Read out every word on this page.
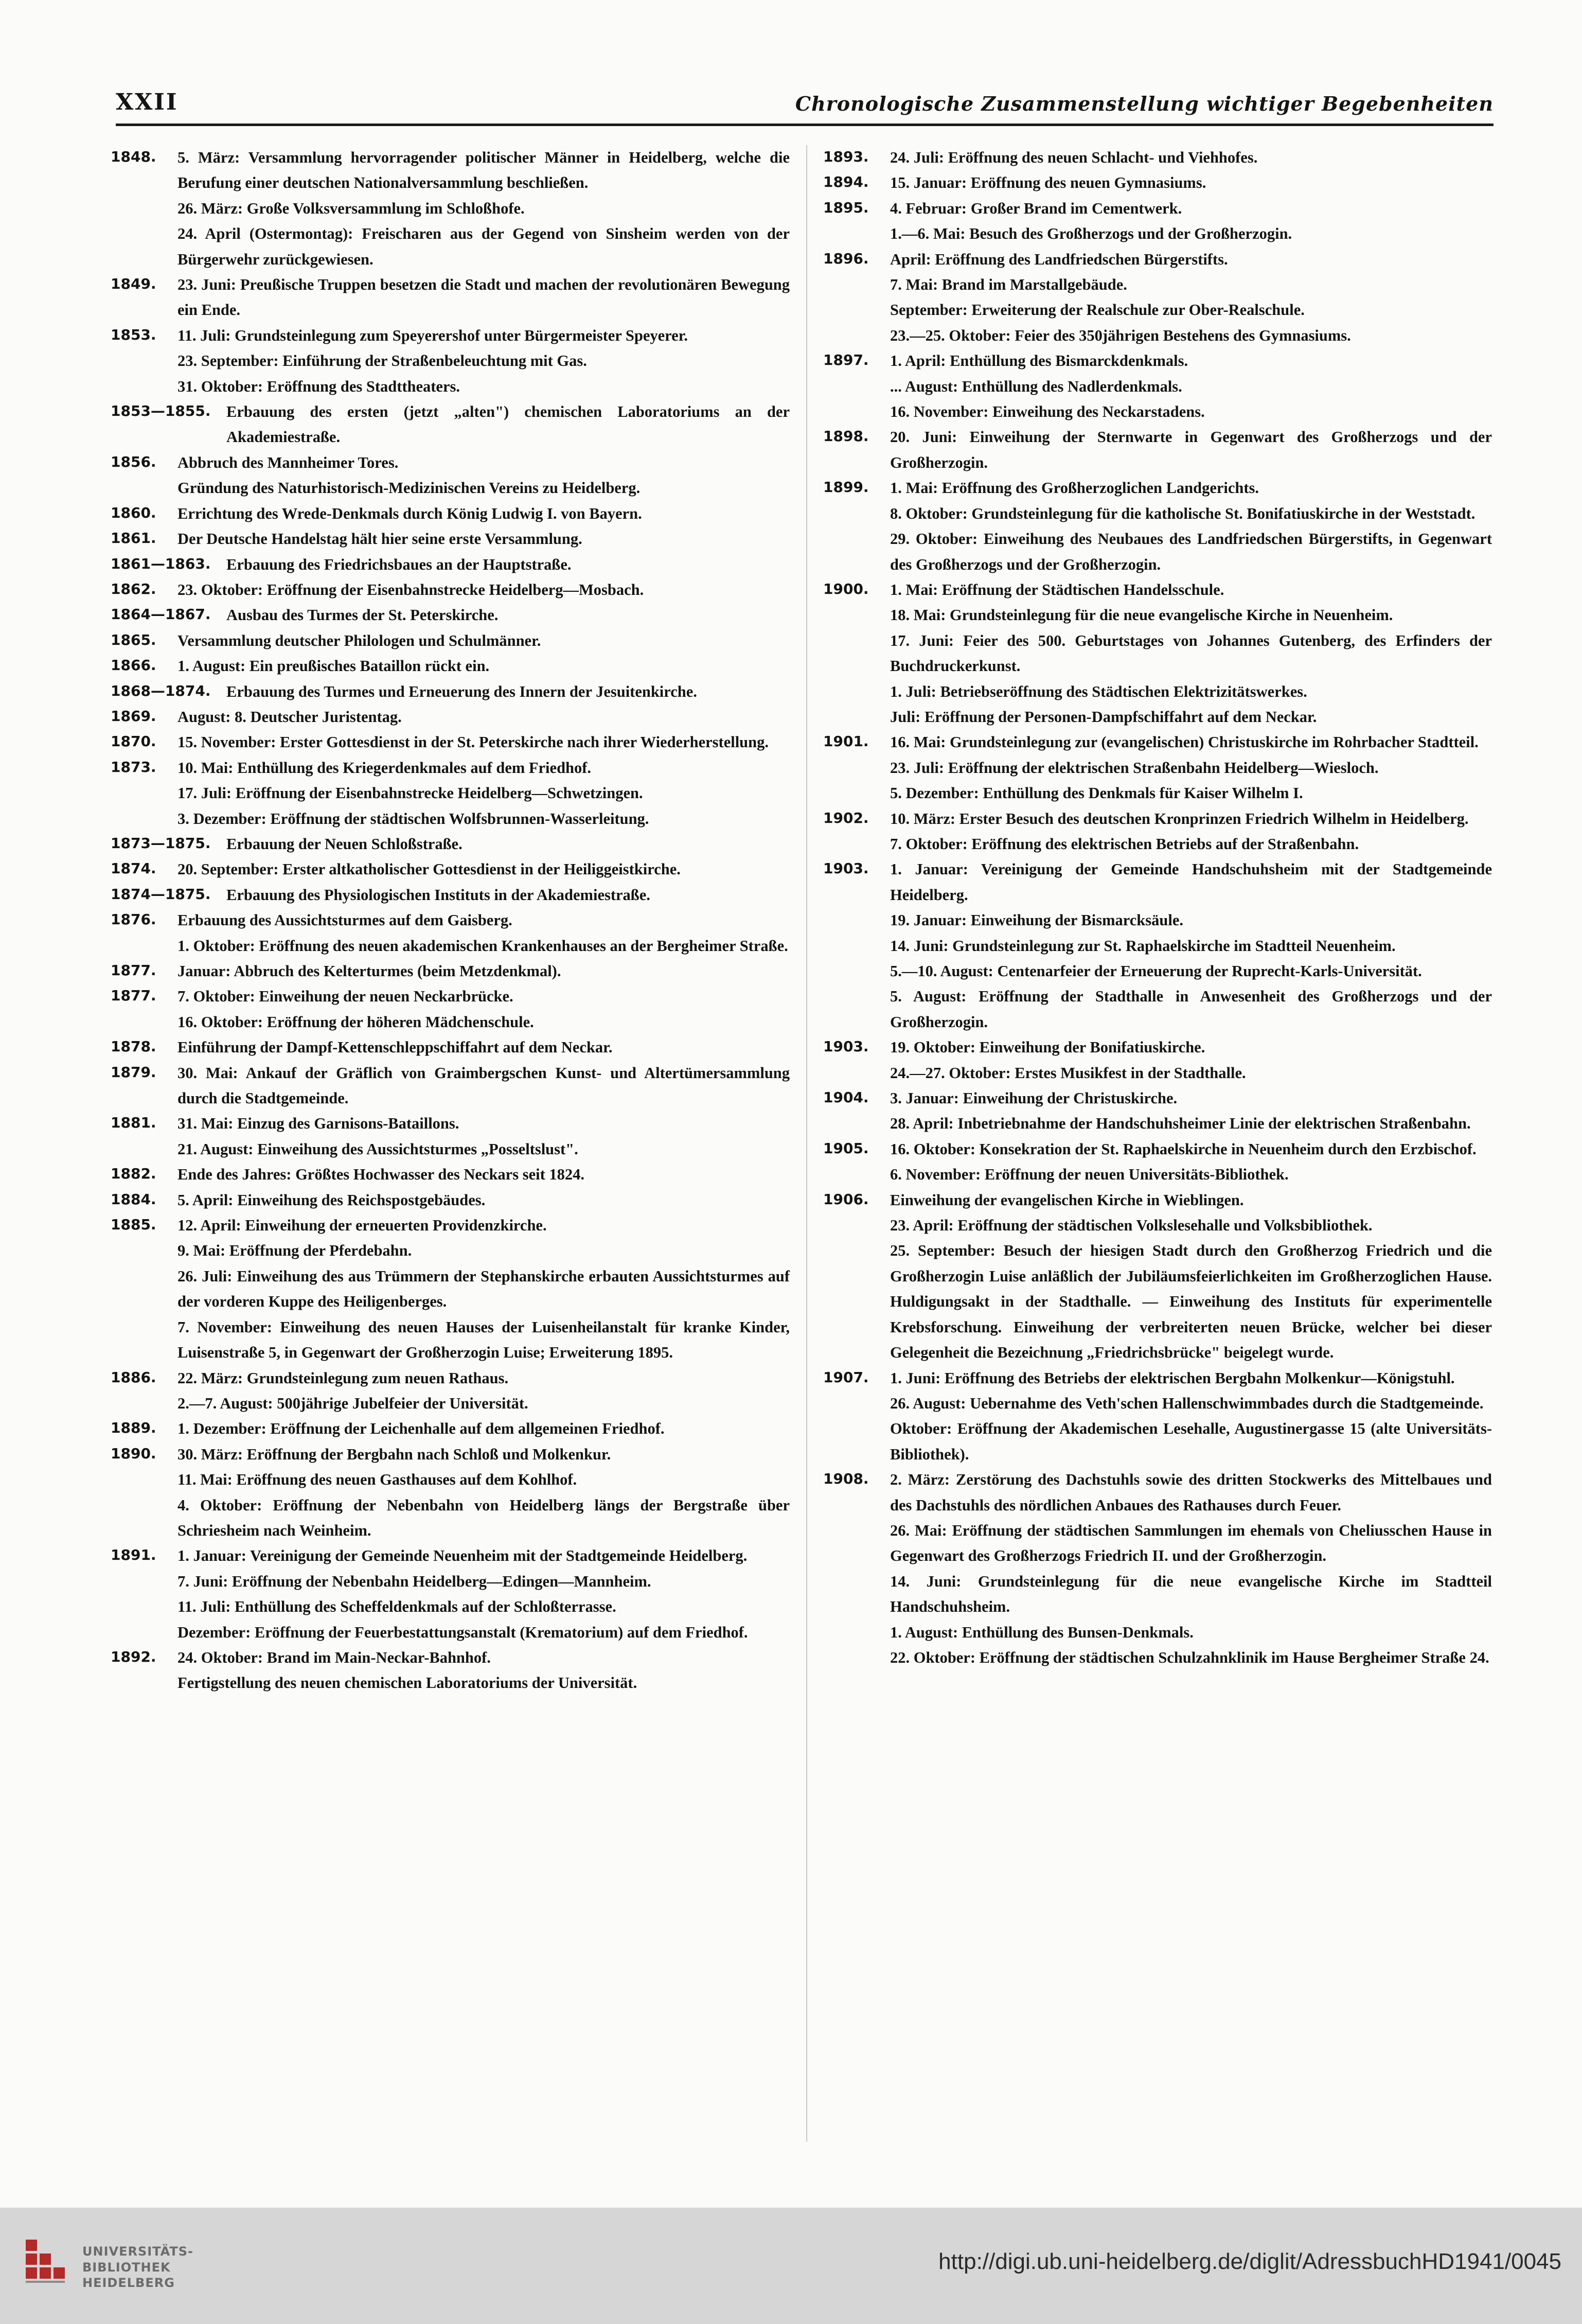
XXII	Chronologische Zusammenstellung wichtiger Begebenheiten

1848. 5. März: Versammlung hervorragender politischer Männer in Heidelberg, welche die Berufung einer deutschen Nationalversammlung beschließen.

26. März: Große Volksversammlung im Schloßhofe.

24. April (Ostermontag): Freischaren aus der Gegend von Sinsheim werden von der Bürgerwehr zurückgewiesen.

1849. 23. Juni: Preußische Truppen besetzen die Stadt und machen der revolutionären Bewegung ein Ende.

1853. 11. Juli: Grundsteinlegung zum Speyerershof unter Bürgermeister Speyerer.

23. September: Einführung der Straßenbeleuchtung mit Gas.

31. Oktober: Eröffnung des Stadttheaters.

1853—1855.	Erbauung des ersten (jetzt „alten") chemischen Laboratoriums an der Akademiestraße.

1856. Abbruch des Mannheimer Tores.

Gründung des Naturhistorisch-Medizinischen Vereins zu Heidelberg.

1860. Errichtung des Wrede-Denkmals durch König Ludwig I. von Bayern.

1861. Der Deutsche Handelstag hält hier seine erste Versammlung.

1861—1863.	Erbauung des Friedrichsbaues an der Hauptstraße.

1862. 23. Oktober: Eröffnung der Eisenbahnstrecke Heidelberg—Mosbach.

1864—1867.	Ausbau des Turmes der St. Peterskirche.

1865. Versammlung deutscher Philologen und Schulmänner.

1866. 1. August: Ein preußisches Bataillon rückt ein.

1868—1874.	Erbauung des Turmes und Erneuerung des Innern der Jesuitenkirche.

1869. August: 8. Deutscher Juristentag.

1870. 15. November: Erster Gottesdienst in der St. Peterskirche nach ihrer Wiederherstellung.

1873. 10. Mai: Enthüllung des Kriegerdenkmales auf dem Friedhof.

17. Juli: Eröffnung der Eisenbahnstrecke Heidelberg—Schwetzingen.

3. Dezember: Eröffnung der städtischen Wolfsbrunnen-Wasserleitung.

1873—1875.	Erbauung der Neuen Schloßstraße.

1874. 20. September: Erster altkatholischer Gottesdienst in der Heiliggeistkirche.

1874—1875.	Erbauung des Physiologischen Instituts in der Akademiestraße.

1876. Erbauung des Aussichtsturmes auf dem Gaisberg.

1. Oktober: Eröffnung des neuen akademischen Krankenhauses an der Bergheimer Straße.

1877. Januar: Abbruch des Kelterturmes (beim Metzdenkmal).

1877. 7. Oktober: Einweihung der neuen Neckarbrücke.

16. Oktober: Eröffnung der höheren Mädchenschule.

1878. Einführung der Dampf-Kettenschleppschiffahrt auf dem Neckar.

1879. 30. Mai: Ankauf der Gräflich von Graimbergschen Kunst- und Altertümersammlung durch die Stadtgemeinde.

1881. 31. Mai: Einzug des Garnisons-Bataillons.

21. August: Einweihung des Aussichtsturmes „Posseltslust".

1882. Ende des Jahres: Größtes Hochwasser des Neckars seit 1824.

1884. 5. April: Einweihung des Reichspostgebäudes.

1885. 12. April: Einweihung der erneuerten Providenzkirche.

9. Mai: Eröffnung der Pferdebahn.

26. Juli: Einweihung des aus Trümmern der Stephanskirche erbauten Aussichtsturmes auf der vorderen Kuppe des Heiligenberges.

7. November: Einweihung des neuen Hauses der Luisenheilanstalt für kranke Kinder, Luisenstraße 5, in Gegenwart der Großherzogin Luise; Erweiterung 1895.

1886. 22. März: Grundsteinlegung zum neuen Rathaus.

2.—7. August: 500jährige Jubelfeier der Universität.

1889. 1. Dezember: Eröffnung der Leichenhalle auf dem allgemeinen Friedhof.

1890. 30. März: Eröffnung der Bergbahn nach Schloß und Molkenkur.

11. Mai: Eröffnung des neuen Gasthauses auf dem Kohlhof.

4. Oktober: Eröffnung der Nebenbahn von Heidelberg längs der Bergstraße über Schriesheim nach Weinheim.

1891. 1. Januar: Vereinigung der Gemeinde Neuenheim mit der Stadtgemeinde Heidelberg.

7. Juni: Eröffnung der Nebenbahn Heidelberg—Edingen—Mannheim.

11. Juli: Enthüllung des Scheffeldenkmals auf der Schloßterrasse.

Dezember: Eröffnung der Feuerbestattungsanstalt (Krematorium) auf dem Friedhof.

1892. 24. Oktober: Brand im Main-Neckar-Bahnhof.

Fertigstellung des neuen chemischen Laboratoriums der Universität.

1893. 24. Juli: Eröffnung des neuen Schlacht- und Viehhofes.

1894. 15. Januar: Eröffnung des neuen Gymnasiums.

1895. 4. Februar: Großer Brand im Cementwerk.

1.—6. Mai: Besuch des Großherzogs und der Großherzogin.

1896. April: Eröffnung des Landfriedschen Bürgerstifts.

7. Mai: Brand im Marstallgebäude.

September: Erweiterung der Realschule zur Ober-Realschule.

23.—25. Oktober: Feier des 350jährigen Bestehens des Gymnasiums.

1897. 1. April: Enthüllung des Bismarckdenkmals.

... August: Enthüllung des Nadlerdenkmals.

16. November: Einweihung des Neckarstadens.

1898. 20. Juni: Einweihung der Sternwarte in Gegenwart des Großherzogs und der Großherzogin.

1899. 1. Mai: Eröffnung des Großherzoglichen Landgerichts.

8. Oktober: Grundsteinlegung für die katholische St. Bonifatiuskirche in der Weststadt.

29. Oktober: Einweihung des Neubaues des Landfriedschen Bürgerstifts, in Gegenwart des Großherzogs und der Großherzogin.

1900. 1. Mai: Eröffnung der Städtischen Handelsschule.

18. Mai: Grundsteinlegung für die neue evangelische Kirche in Neuenheim.

17. Juni: Feier des 500. Geburtstages von Johannes Gutenberg, des Erfinders der Buchdruckerkunst.

1. Juli: Betriebseröffnung des Städtischen Elektrizitätswerkes.

Juli: Eröffnung der Personen-Dampfschiffahrt auf dem Neckar.

1901. 16. Mai: Grundsteinlegung zur (evangelischen) Christuskirche im Rohrbacher Stadtteil.

23. Juli: Eröffnung der elektrischen Straßenbahn Heidelberg—Wiesloch.

5. Dezember: Enthüllung des Denkmals für Kaiser Wilhelm I.

1902. 10. März: Erster Besuch des deutschen Kronprinzen Friedrich Wilhelm in Heidelberg.

7. Oktober: Eröffnung des elektrischen Betriebs auf der Straßenbahn.

1903. 1. Januar: Vereinigung der Gemeinde Handschuhsheim mit der Stadtgemeinde Heidelberg.

19. Januar: Einweihung der Bismarcksäule.

14. Juni: Grundsteinlegung zur St. Raphaelskirche im Stadtteil Neuenheim.

5.—10. August: Centenarfeier der Erneuerung der Ruprecht-Karls-Universität.

5. August: Eröffnung der Stadthalle in Anwesenheit des Großherzogs und der Großherzogin.

1903. 19. Oktober: Einweihung der Bonifatiuskirche.

24.—27. Oktober: Erstes Musikfest in der Stadthalle.

1904. 3. Januar: Einweihung der Christuskirche.

28. April: Inbetriebnahme der Handschuhsheimer Linie der elektrischen Straßenbahn.

1905. 16. Oktober: Konsekration der St. Raphaelskirche in Neuenheim durch den Erzbischof.

6. November: Eröffnung der neuen Universitäts-Bibliothek.

1906. Einweihung der evangelischen Kirche in Wieblingen.

23. April: Eröffnung der städtischen Volkslesehalle und Volksbibliothek.

25. September: Besuch der hiesigen Stadt durch den Großherzog Friedrich und die Großherzogin Luise anläßlich der Jubiläumsfeierlichkeiten im Großherzoglichen Hause. Huldigungsakt in der Stadthalle. — Einweihung des Instituts für experimentelle Krebsforschung. Einweihung der verbreiterten neuen Brücke, welcher bei dieser Gelegenheit die Bezeichnung „Friedrichsbrücke" beigelegt wurde.

1907. 1. Juni: Eröffnung des Betriebs der elektrischen Bergbahn Molkenkur—Königstuhl.

26. August: Uebernahme des Veth'schen Hallenschwimmbades durch die Stadtgemeinde.

Oktober: Eröffnung der Akademischen Lesehalle, Augustinergasse 15 (alte Universitäts-Bibliothek).

1908. 2. März: Zerstörung des Dachstuhls sowie des dritten Stockwerks des Mittelbaues und des Dachstuhls des nördlichen Anbaues des Rathauses durch Feuer.

26. Mai: Eröffnung der städtischen Sammlungen im ehemals von Cheliusschen Hause in Gegenwart des Großherzogs Friedrich II. und der Großherzogin.

14. Juni: Grundsteinlegung für die neue evangelische Kirche im Stadtteil Handschuhsheim.

1. August: Enthüllung des Bunsen-Denkmals.

22. Oktober: Eröffnung der städtischen Schulzahnklinik im Hause Bergheimer Straße 24.

UNIVERSITÄTS-
BIBLIOTHEK
HEIDELBERG
http://digi.ub.uni-heidelberg.de/diglit/AdressbuchHD1941/0045
